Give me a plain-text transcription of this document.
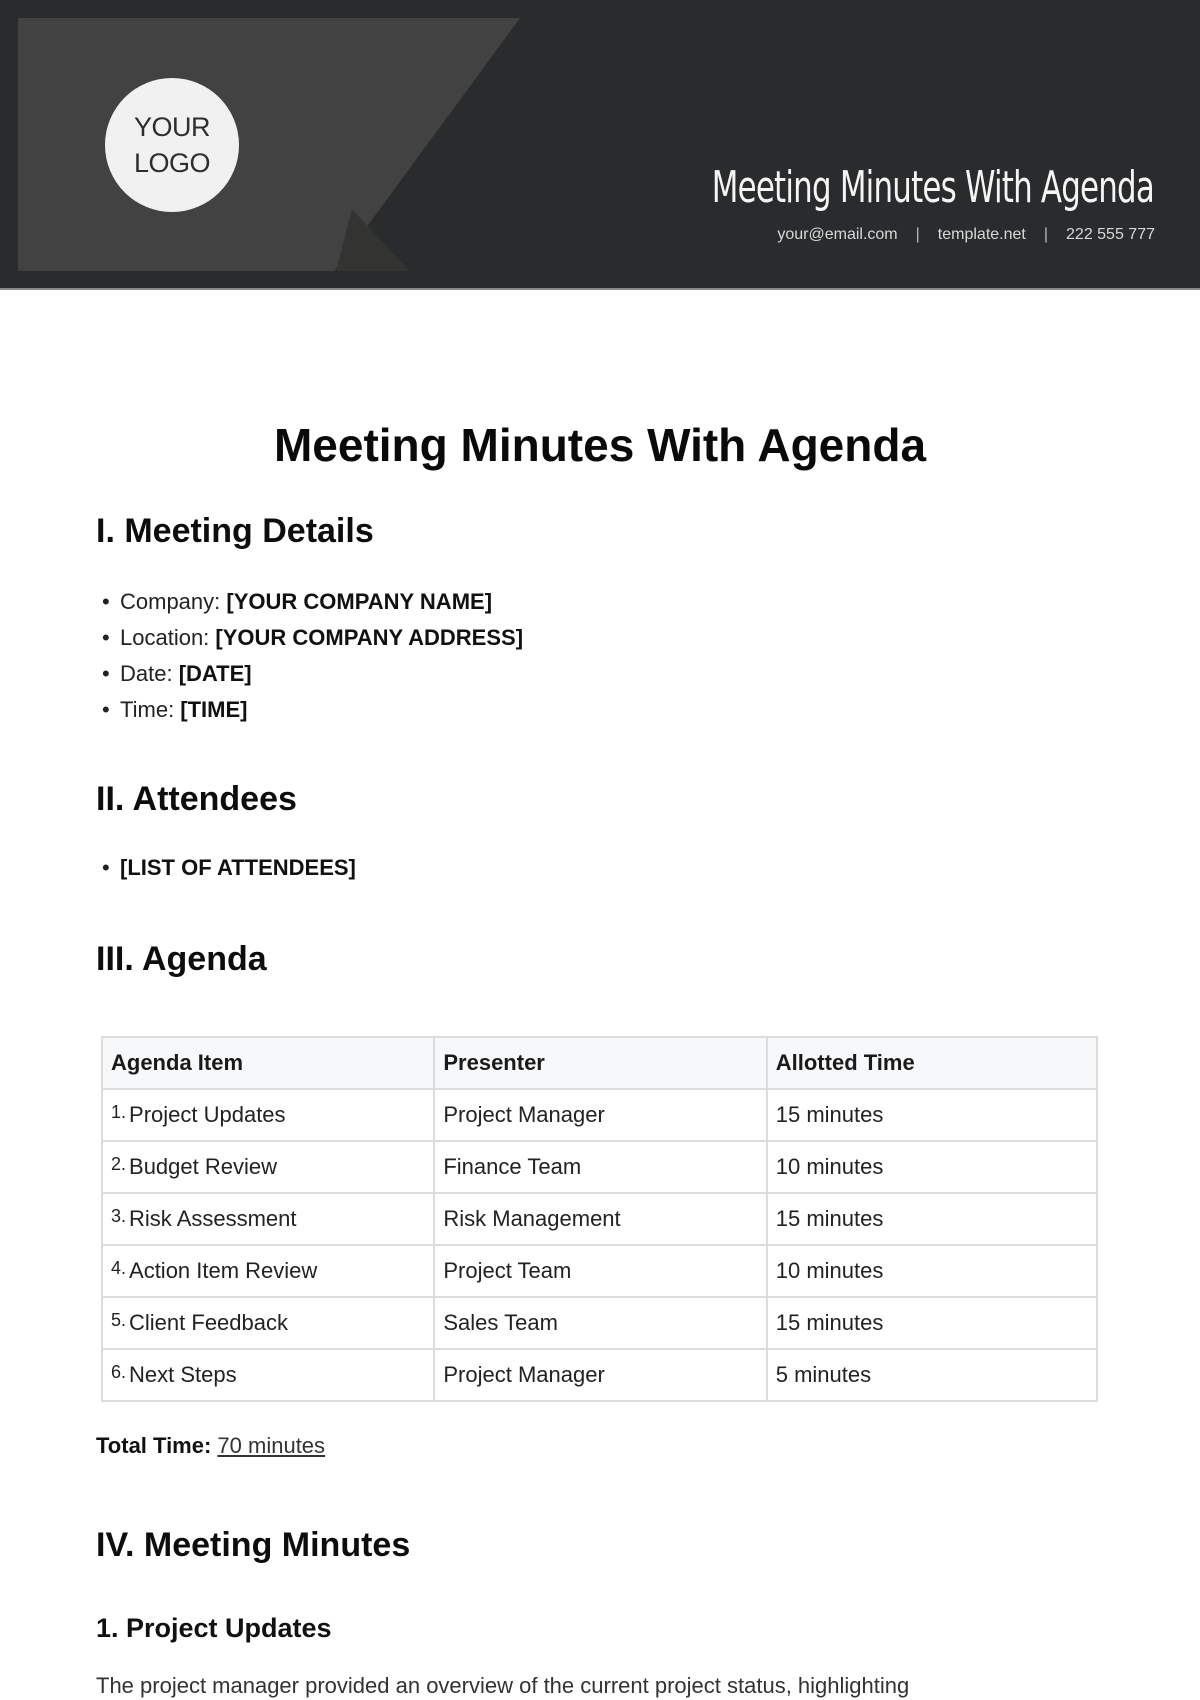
YOUR
LOGO	Meeting Minutes With Agenda
your@email.com | template.net | 222 555 777
Meeting Minutes With Agenda
I. Meeting Details
• Company: [YOUR COMPANY NAME]
• Location: [YOUR COMPANY ADDRESS]
• Date: [DATE]
• Time: [TIME]
II. Attendees
• [LIST OF ATTENDEES]
III. Agenda
Agenda Item	Presenter	Allotted Time
1. Project Updates	Project Manager	15 minutes
2. Budget Review	Finance Team	10 minutes
3. Risk Assessment	Risk Management	15 minutes
4. Action Item Review	Project Team	10 minutes
5. Client Feedback	Sales Team	15 minutes
6. Next Steps	Project Manager	5 minutes
Total Time: 70 minutes
IV. Meeting Minutes
1. Project Updates

The project manager provided an overview of the current project status, highlighting
